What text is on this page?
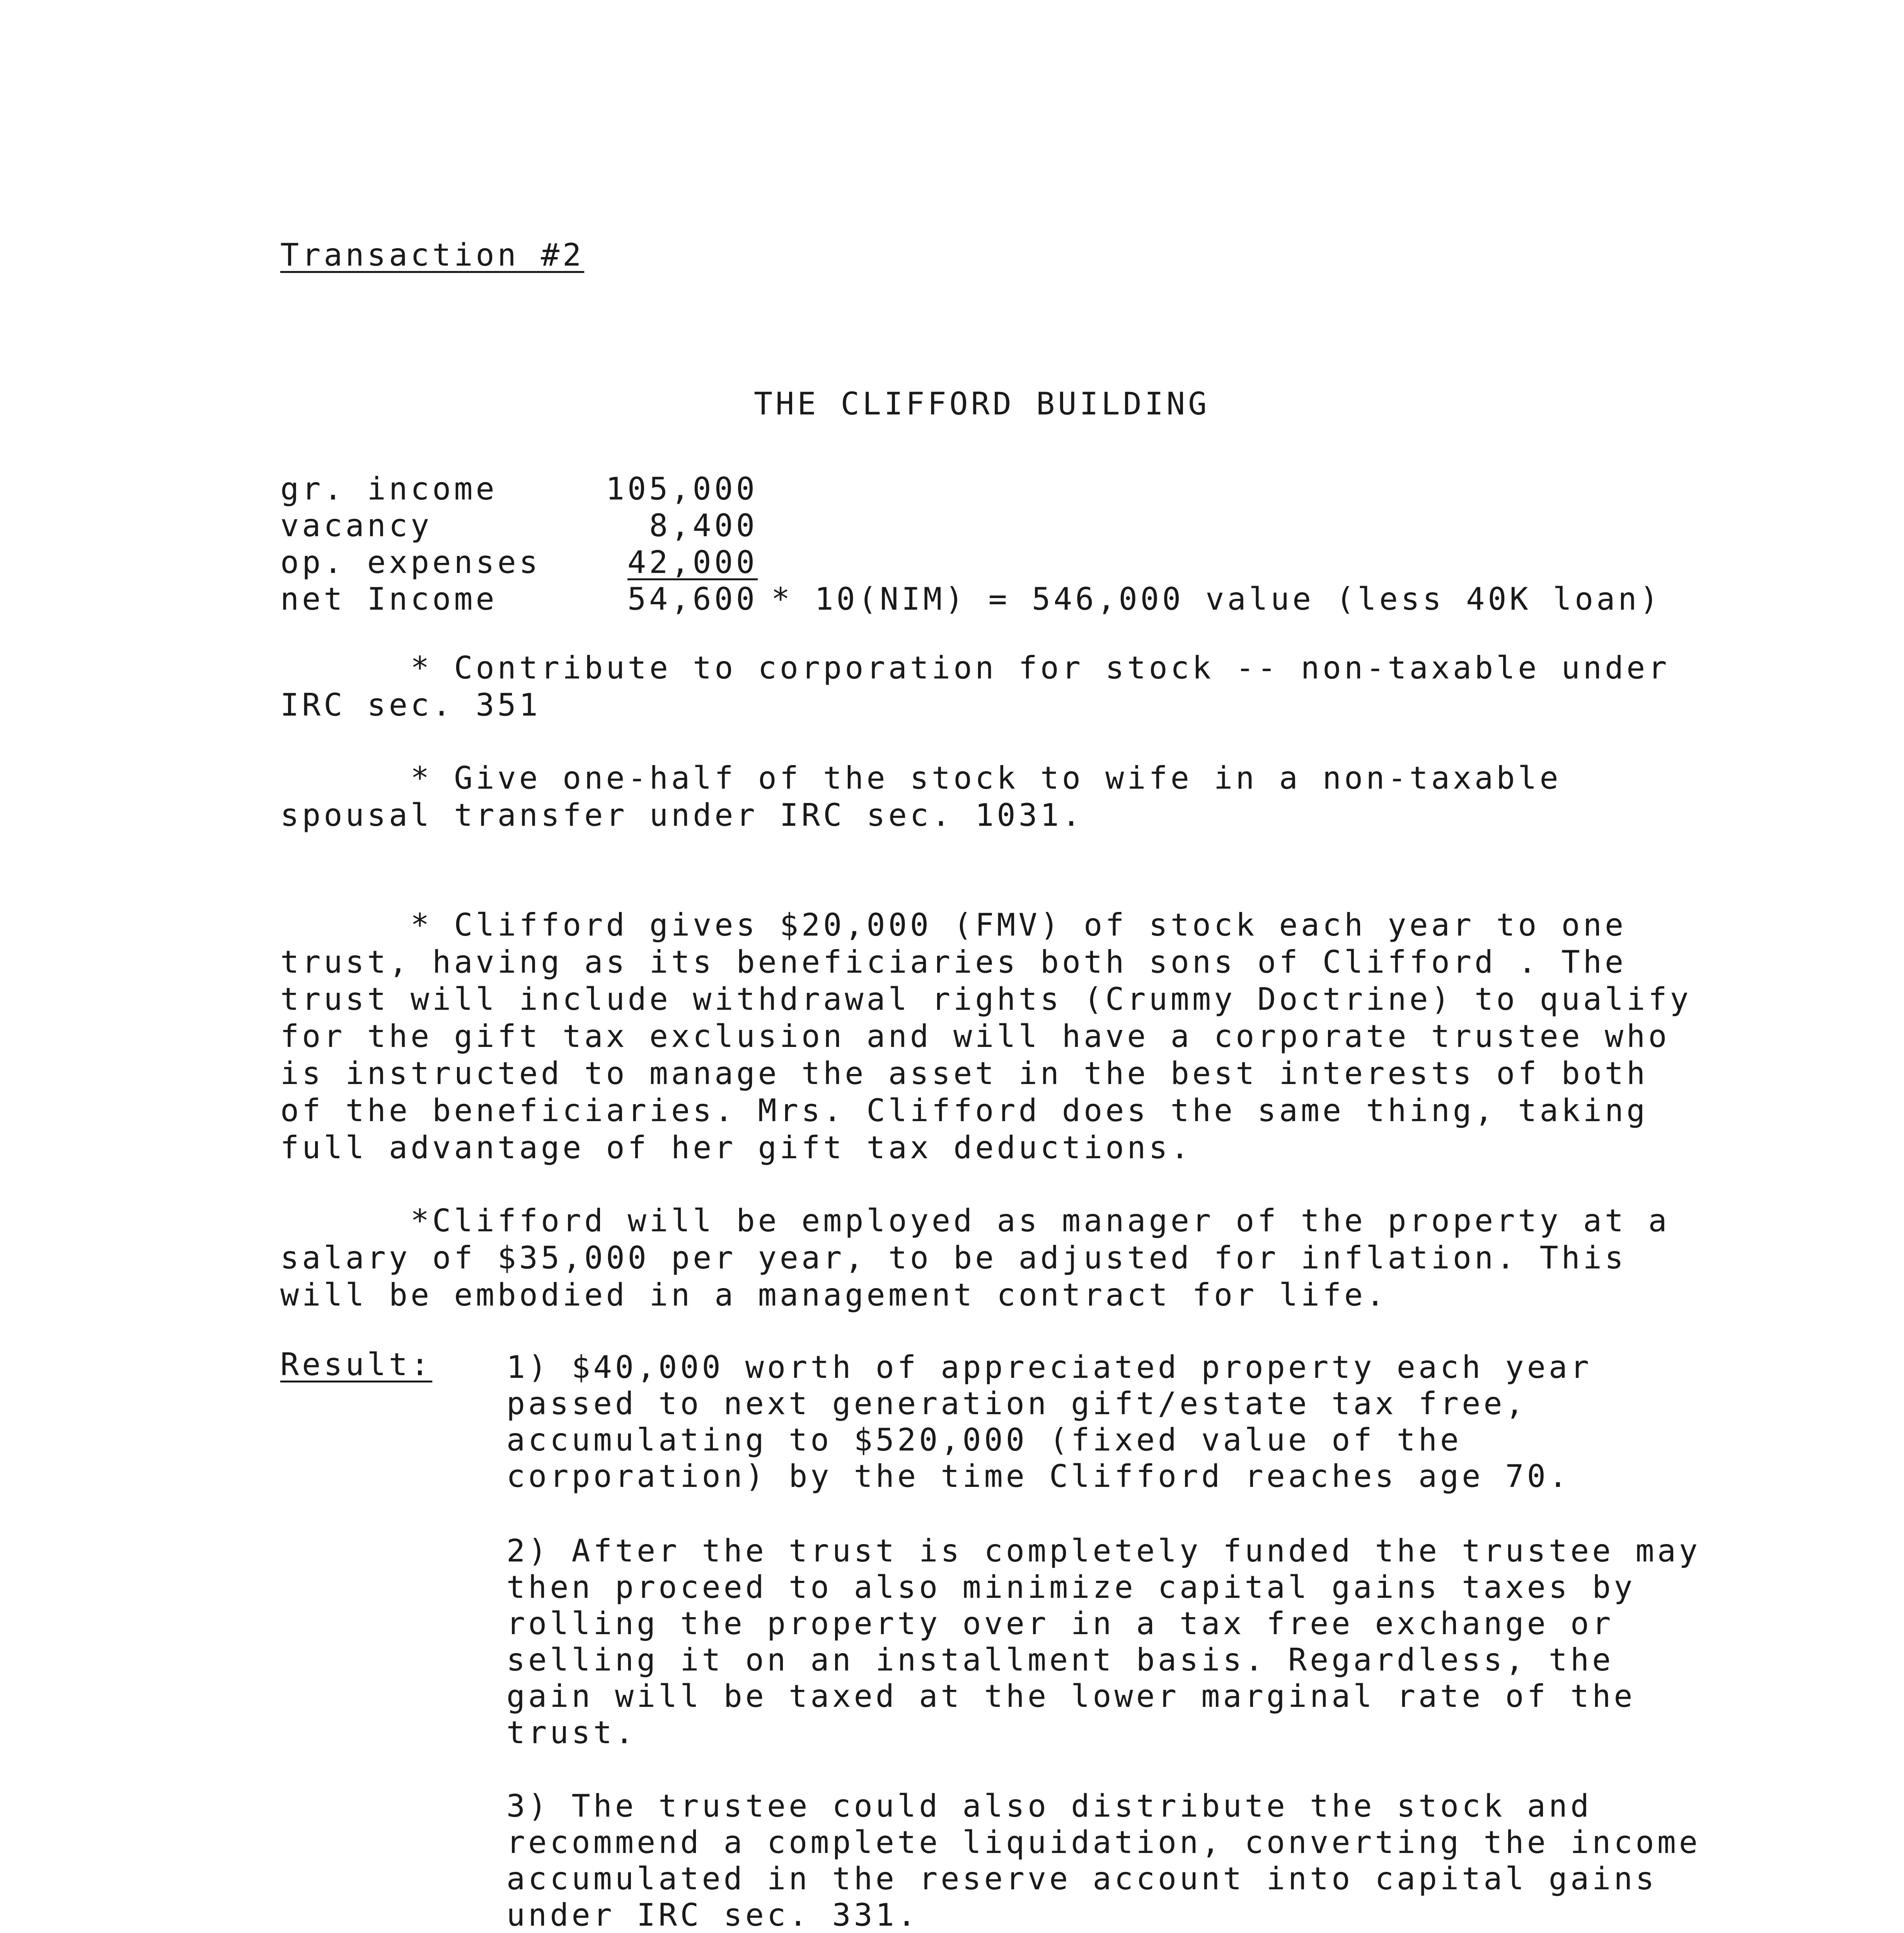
Transaction #2
THE CLIFFORD BUILDING
gr. income	105,000
vacancy	8,400
op. expenses	42,000
net Income	54,600 * 10(NIM) = 546,000 value (less 40K loan)
* Contribute to corporation for stock -- non-taxable under
IRC sec. 351
* Give one-half of the stock to wife in a non-taxable
spousal transfer under IRC sec. 1031.
* Clifford gives $20,000 (FMV) of stock each year to one
trust, having as its beneficiaries both sons of Clifford . The
trust will include withdrawal rights (Crummy Doctrine) to qualify
for the gift tax exclusion and will have a corporate trustee who
is instructed to manage the asset in the best interests of both
of the beneficiaries. Mrs. Clifford does the same thing, taking
full advantage of her gift tax deductions.
*Clifford will be employed as manager of the property at a
salary of $35,000 per year, to be adjusted for inflation. This
will be embodied in a management contract for life.
Result: 1) $40,000 worth of appreciated property each year
passed to next generation gift/estate tax free,
accumulating to $520,000 (fixed value of the
corporation) by the time Clifford reaches age 70.
2) After the trust is completely funded the trustee may
then proceed to also minimize capital gains taxes by
rolling the property over in a tax free exchange or
selling it on an installment basis. Regardless, the
gain will be taxed at the lower marginal rate of the
trust.
3) The trustee could also distribute the stock and
recommend a complete liquidation, converting the income
accumulated in the reserve account into capital gains
under IRC sec. 331.
